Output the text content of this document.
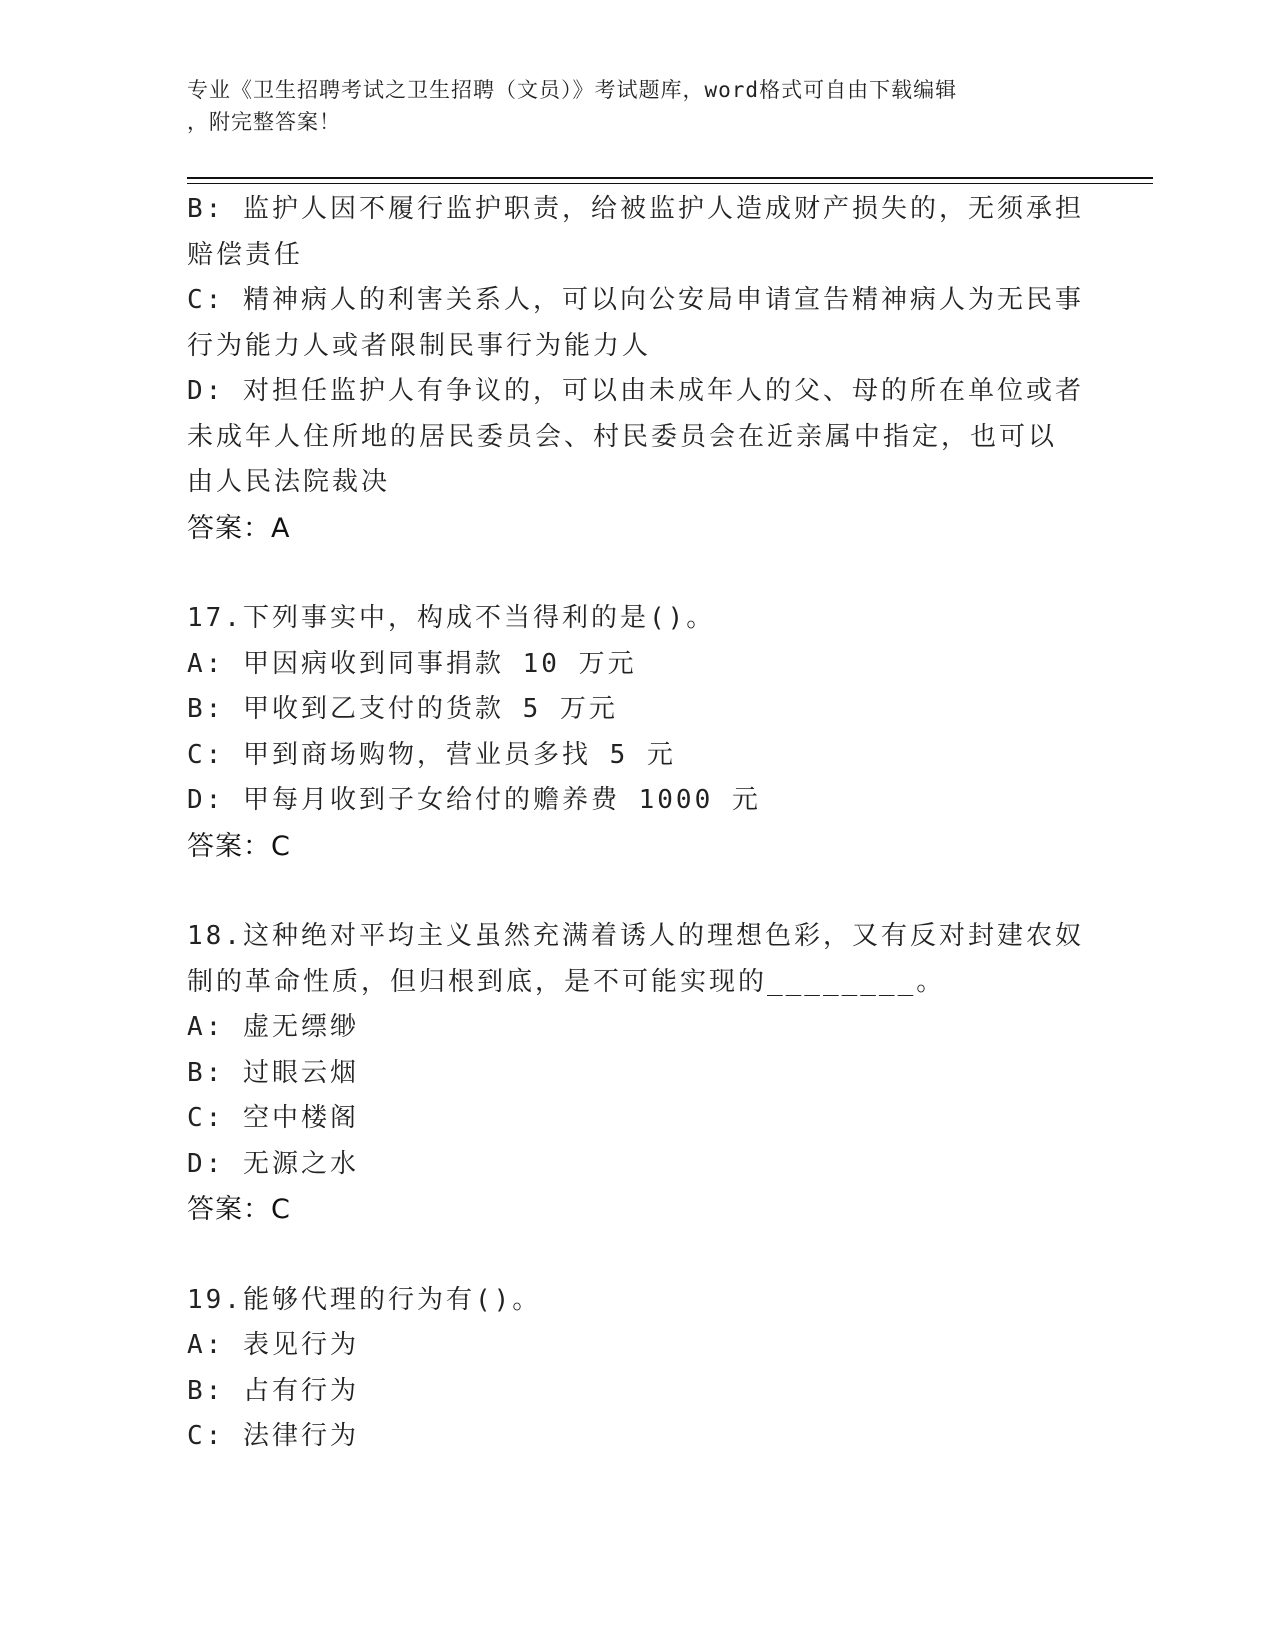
专业《卫生招聘考试之卫生招聘（文员）》考试题库，word格式可自由下载编辑
，附完整答案！
B: 监护人因不履行监护职责，给被监护人造成财产损失的，无须承担
赔偿责任
C: 精神病人的利害关系人，可以向公安局申请宣告精神病人为无民事
行为能力人或者限制民事行为能力人
D: 对担任监护人有争议的，可以由未成年人的父、母的所在单位或者
未成年人住所地的居民委员会、村民委员会在近亲属中指定，也可以
由人民法院裁决
答案：A
17.下列事实中，构成不当得利的是()。
A: 甲因病收到同事捐款 10 万元
B: 甲收到乙支付的货款 5 万元
C: 甲到商场购物，营业员多找 5 元
D: 甲每月收到子女给付的赡养费 1000 元
答案：C
18.这种绝对平均主义虽然充满着诱人的理想色彩，又有反对封建农奴
制的革命性质，但归根到底，是不可能实现的________。
A: 虚无缥缈
B: 过眼云烟
C: 空中楼阁
D: 无源之水
答案：C
19.能够代理的行为有()。
A: 表见行为
B: 占有行为
C: 法律行为
